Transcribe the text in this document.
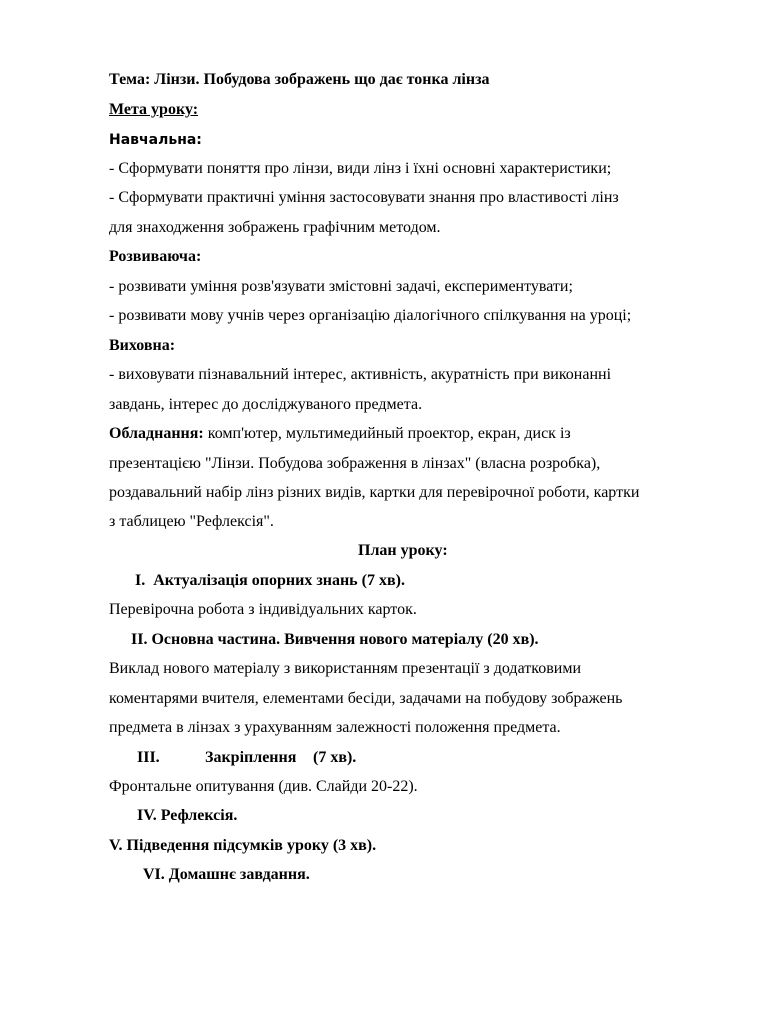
Тема: Лінзи. Побудова зображень що дає тонка лінза
Мета уроку:
Навчальна:
- Сформувати поняття про лінзи, види лінз і їхні основні характеристики;
- Сформувати практичні уміння застосовувати знання про властивості лінз
для знаходження зображень графічним методом.
Розвиваюча:
- розвивати уміння розв'язувати змістовні задачі, експериментувати;
- розвивати мову учнів через організацію діалогічного спілкування на уроці;
Виховна:
- виховувати пізнавальний інтерес, активність, акуратність при виконанні
завдань, інтерес до досліджуваного предмета.
Обладнання: комп'ютер, мультимедийный проектор, екран, диск із
презентацією "Лінзи. Побудова зображення в лінзах" (власна розробка),
роздавальний набір лінз різних видів, картки для перевірочної роботи, картки
з таблицею "Рефлексія".
План уроку:
I. Актуалізація опорних знань (7 хв).
Перевірочна робота з індивідуальних карток.
II. Основна частина. Вивчення нового матеріалу (20 хв).
Виклад нового матеріалу з використанням презентації з додатковими
коментарями вчителя, елементами бесіди, задачами на побудову зображень
предмета в лінзах з урахуванням залежності положення предмета.
III.	Закріплення (7 хв).
Фронтальне опитування (див. Слайди 20-22).
IV. Рефлексія.
V. Підведення підсумків уроку (3 хв).
VI. Домашнє завдання.
